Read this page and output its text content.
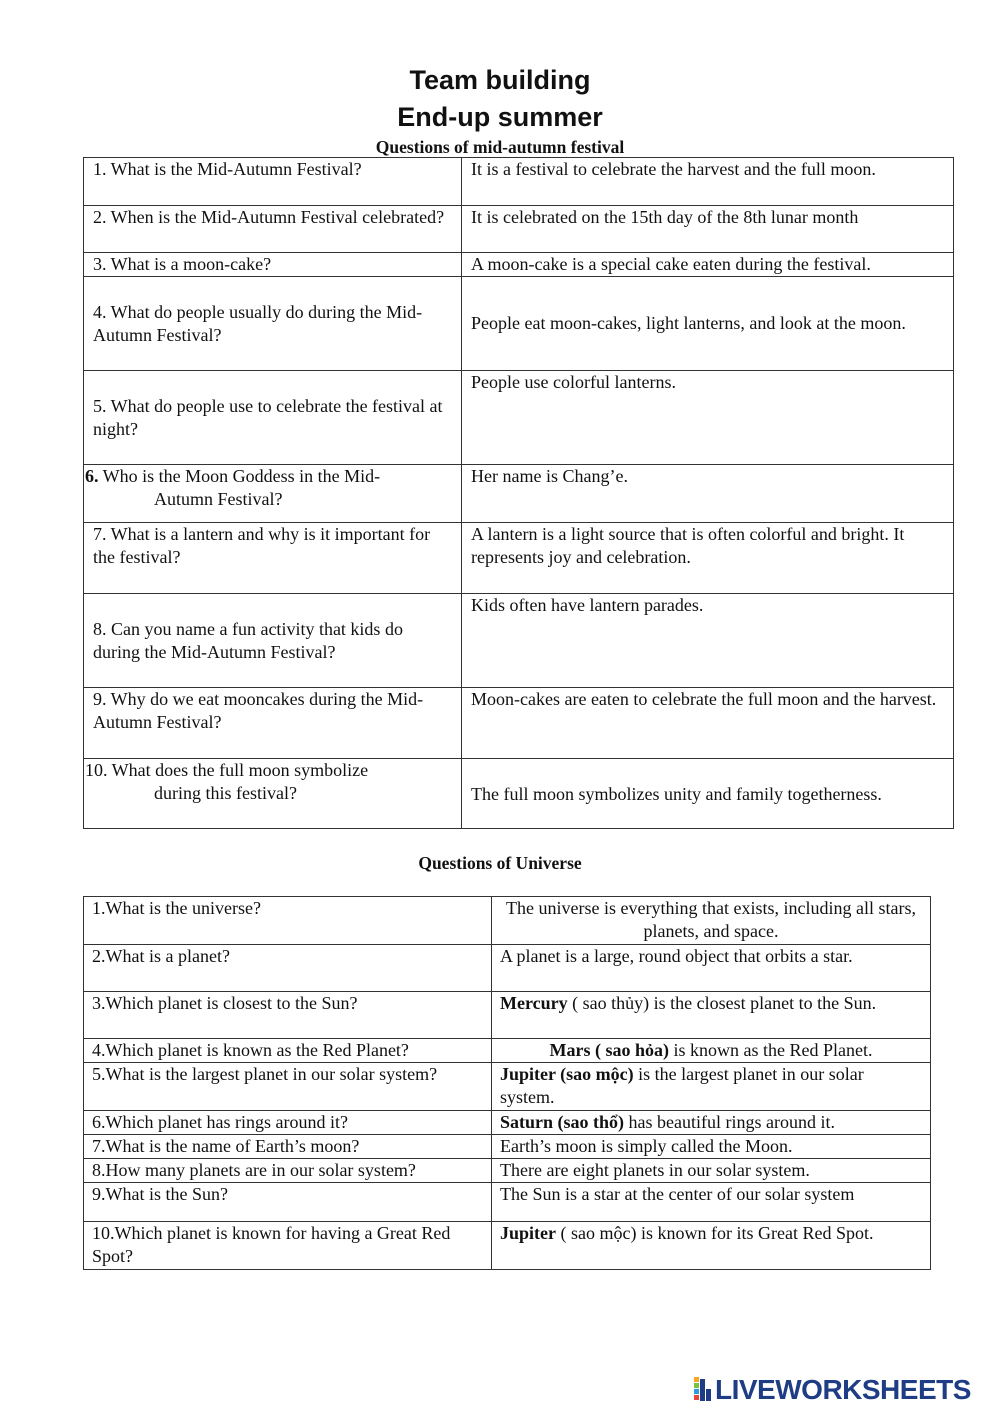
Team building
End-up summer

Questions of mid-autumn festival

1. What is the Mid-Autumn Festival?	It is a festival to celebrate the harvest and the full moon.
2. When is the Mid-Autumn Festival celebrated?	It is celebrated on the 15th day of the 8th lunar month
3. What is a moon-cake?	A moon-cake is a special cake eaten during the festival.
4. What do people usually do during the Mid-Autumn Festival?	People eat moon-cakes, light lanterns, and look at the moon.
5. What do people use to celebrate the festival at night?	People use colorful lanterns.
6. Who is the Moon Goddess in the Mid-
Autumn Festival?	Her name is Chang’e.
7. What is a lantern and why is it important for the festival?	A lantern is a light source that is often colorful and bright. It represents joy and celebration.
8. Can you name a fun activity that kids do during the Mid-Autumn Festival?	Kids often have lantern parades.
9. Why do we eat mooncakes during the Mid-Autumn Festival?	Moon-cakes are eaten to celebrate the full moon and the harvest.
10. What does the full moon symbolize
during this festival?	The full moon symbolizes unity and family togetherness.

Questions of Universe

1.What is the universe?	The universe is everything that exists, including all stars, planets, and space.
2.What is a planet?	A planet is a large, round object that orbits a star.
3.Which planet is closest to the Sun?	Mercury ( sao thủy) is the closest planet to the Sun.
4.Which planet is known as the Red Planet?	Mars ( sao hỏa) is known as the Red Planet.
5.What is the largest planet in our solar system?	Jupiter (sao mộc) is the largest planet in our solar system.
6.Which planet has rings around it?	Saturn (sao thổ) has beautiful rings around it.
7.What is the name of Earth’s moon?	Earth’s moon is simply called the Moon.
8.How many planets are in our solar system?	There are eight planets in our solar system.
9.What is the Sun?	The Sun is a star at the center of our solar system
10.Which planet is known for having a Great Red Spot?	Jupiter ( sao mộc) is known for its Great Red Spot.
LIVEWORKSHEETS
